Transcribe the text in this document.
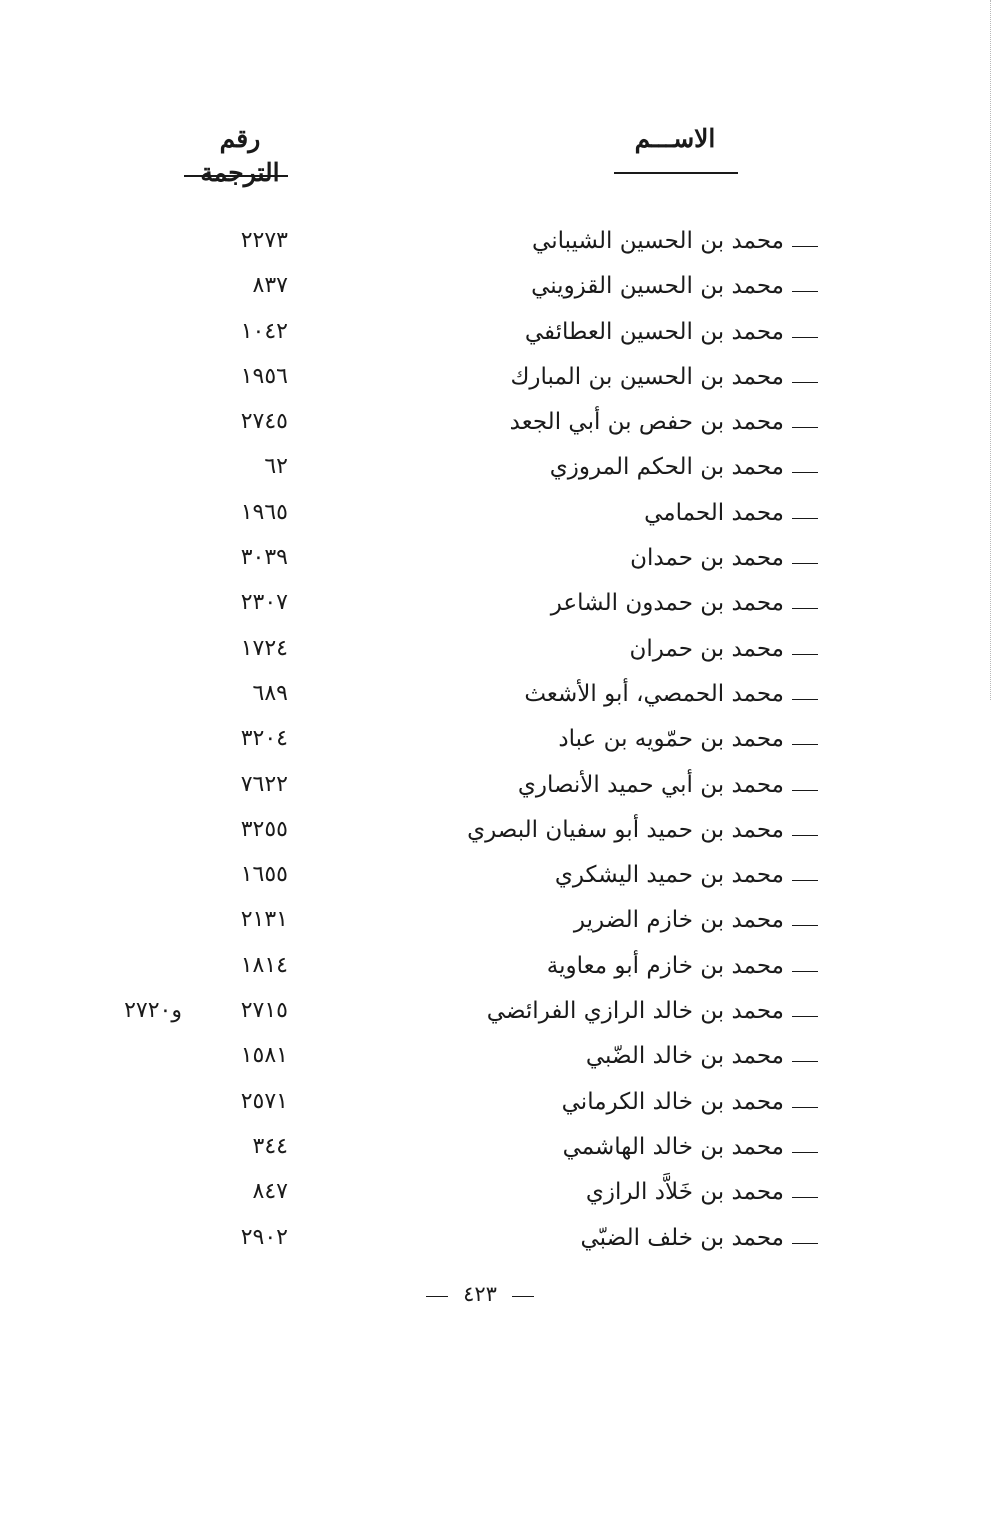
الاســـم
رقم الترجمة
محمد بن الحسين الشيباني
٢٢٧٣
محمد بن الحسين القزويني
٨٣٧
محمد بن الحسين العطائفي
١٠٤٢
محمد بن الحسين بن المبارك
١٩٥٦
محمد بن حفص بن أبي الجعد
٢٧٤٥
محمد بن الحكم المروزي
٦٢
محمد الحمامي
١٩٦٥
محمد بن حمدان
٣٠٣٩
محمد بن حمدون الشاعر
٢٣٠٧
محمد بن حمران
١٧٢٤
محمد الحمصي، أبو الأشعث
٦٨٩
محمد بن حمّويه بن عباد
٣٢٠٤
محمد بن أبي حميد الأنصاري
٧٦٢٢
محمد بن حميد أبو سفيان البصري
٣٢٥٥
محمد بن حميد اليشكري
١٦٥٥
محمد بن خازم الضرير
٢١٣١
محمد بن خازم أبو معاوية
١٨١٤
محمد بن خالد الرازي الفرائضي
٢٧١٥
و٢٧٢٠
محمد بن خالد الضّبي
١٥٨١
محمد بن خالد الكرماني
٢٥٧١
محمد بن خالد الهاشمي
٣٤٤
محمد بن خَلاَّد الرازي
٨٤٧
محمد بن خلف الضبّي
٢٩٠٢
٤٢٣
